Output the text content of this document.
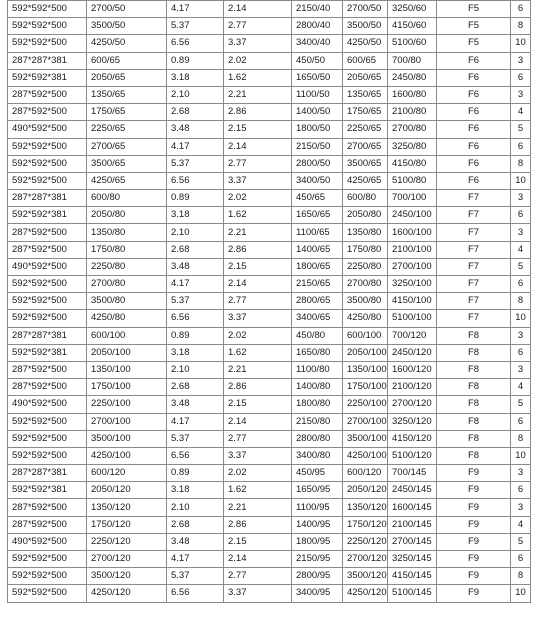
592*592*500	2700/50	4.17	2.14	2150/40	2700/50	3250/60	F5	6
592*592*500	3500/50	5.37	2.77	2800/40	3500/50	4150/60	F5	8
592*592*500	4250/50	6.56	3.37	3400/40	4250/50	5100/60	F5	10
287*287*381	600/65	0.89	2.02	450/50	600/65	700/80	F6	3
592*592*381	2050/65	3.18	1.62	1650/50	2050/65	2450/80	F6	6
287*592*500	1350/65	2.10	2.21	1100/50	1350/65	1600/80	F6	3
287*592*500	1750/65	2.68	2.86	1400/50	1750/65	2100/80	F6	4
490*592*500	2250/65	3.48	2.15	1800/50	2250/65	2700/80	F6	5
592*592*500	2700/65	4.17	2.14	2150/50	2700/65	3250/80	F6	6
592*592*500	3500/65	5.37	2.77	2800/50	3500/65	4150/80	F6	8
592*592*500	4250/65	6.56	3.37	3400/50	4250/65	5100/80	F6	10
287*287*381	600/80	0.89	2.02	450/65	600/80	700/100	F7	3
592*592*381	2050/80	3.18	1.62	1650/65	2050/80	2450/100	F7	6
287*592*500	1350/80	2.10	2.21	1100/65	1350/80	1600/100	F7	3
287*592*500	1750/80	2.68	2.86	1400/65	1750/80	2100/100	F7	4
490*592*500	2250/80	3.48	2.15	1800/65	2250/80	2700/100	F7	5
592*592*500	2700/80	4.17	2.14	2150/65	2700/80	3250/100	F7	6
592*592*500	3500/80	5.37	2.77	2800/65	3500/80	4150/100	F7	8
592*592*500	4250/80	6.56	3.37	3400/65	4250/80	5100/100	F7	10
287*287*381	600/100	0.89	2.02	450/80	600/100	700/120	F8	3
592*592*381	2050/100	3.18	1.62	1650/80	2050/100	2450/120	F8	6
287*592*500	1350/100	2.10	2.21	1100/80	1350/100	1600/120	F8	3
287*592*500	1750/100	2.68	2.86	1400/80	1750/100	2100/120	F8	4
490*592*500	2250/100	3.48	2.15	1800/80	2250/100	2700/120	F8	5
592*592*500	2700/100	4.17	2.14	2150/80	2700/100	3250/120	F8	6
592*592*500	3500/100	5.37	2.77	2800/80	3500/100	4150/120	F8	8
592*592*500	4250/100	6.56	3.37	3400/80	4250/100	5100/120	F8	10
287*287*381	600/120	0.89	2.02	450/95	600/120	700/145	F9	3
592*592*381	2050/120	3.18	1.62	1650/95	2050/120	2450/145	F9	6
287*592*500	1350/120	2.10	2.21	1100/95	1350/120	1600/145	F9	3
287*592*500	1750/120	2.68	2.86	1400/95	1750/120	2100/145	F9	4
490*592*500	2250/120	3.48	2.15	1800/95	2250/120	2700/145	F9	5
592*592*500	2700/120	4.17	2.14	2150/95	2700/120	3250/145	F9	6
592*592*500	3500/120	5.37	2.77	2800/95	3500/120	4150/145	F9	8
592*592*500	4250/120	6.56	3.37	3400/95	4250/120	5100/145	F9	10
